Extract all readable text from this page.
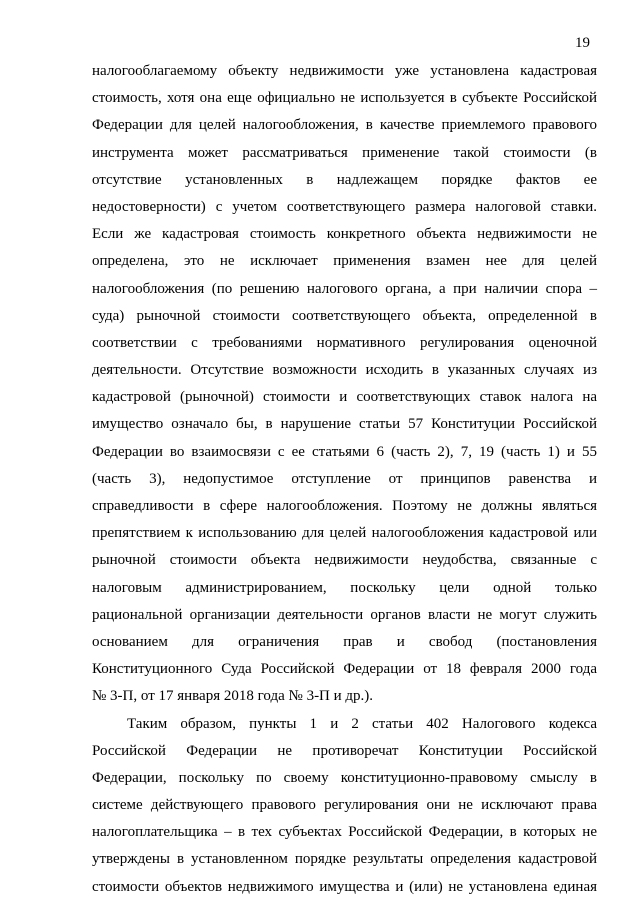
19
налогооблагаемому объекту недвижимости уже установлена кадастровая
стоимость, хотя она еще официально не используется в субъекте Российской
Федерации для целей налогообложения, в качестве приемлемого правового
инструмента может рассматриваться применение такой стоимости (в
отсутствие установленных в надлежащем порядке фактов ее
недостоверности) с учетом соответствующего размера налоговой ставки.
Если же кадастровая стоимость конкретного объекта недвижимости не
определена, это не исключает применения взамен нее для целей
налогообложения (по решению налогового органа, а при наличии спора –
суда) рыночной стоимости соответствующего объекта, определенной в
соответствии с требованиями нормативного регулирования оценочной
деятельности. Отсутствие возможности исходить в указанных случаях из
кадастровой (рыночной) стоимости и соответствующих ставок налога на
имущество означало бы, в нарушение статьи 57 Конституции Российской
Федерации во взаимосвязи с ее статьями 6 (часть 2), 7, 19 (часть 1) и 55
(часть 3), недопустимое отступление от принципов равенства и
справедливости в сфере налогообложения. Поэтому не должны являться
препятствием к использованию для целей налогообложения кадастровой или
рыночной стоимости объекта недвижимости неудобства, связанные с
налоговым администрированием, поскольку цели одной только
рациональной организации деятельности органов власти не могут служить
основанием для ограничения прав и свобод (постановления
Конституционного Суда Российской Федерации от 18 февраля 2000 года
№ 3-П, от 17 января 2018 года № 3-П и др.).
Таким образом, пункты 1 и 2 статьи 402 Налогового кодекса
Российской Федерации не противоречат Конституции Российской
Федерации, поскольку по своему конституционно-правовому смыслу в
системе действующего правового регулирования они не исключают права
налогоплательщика – в тех субъектах Российской Федерации, в которых не
утверждены в установленном порядке результаты определения кадастровой
стоимости объектов недвижимого имущества и (или) не установлена единая
